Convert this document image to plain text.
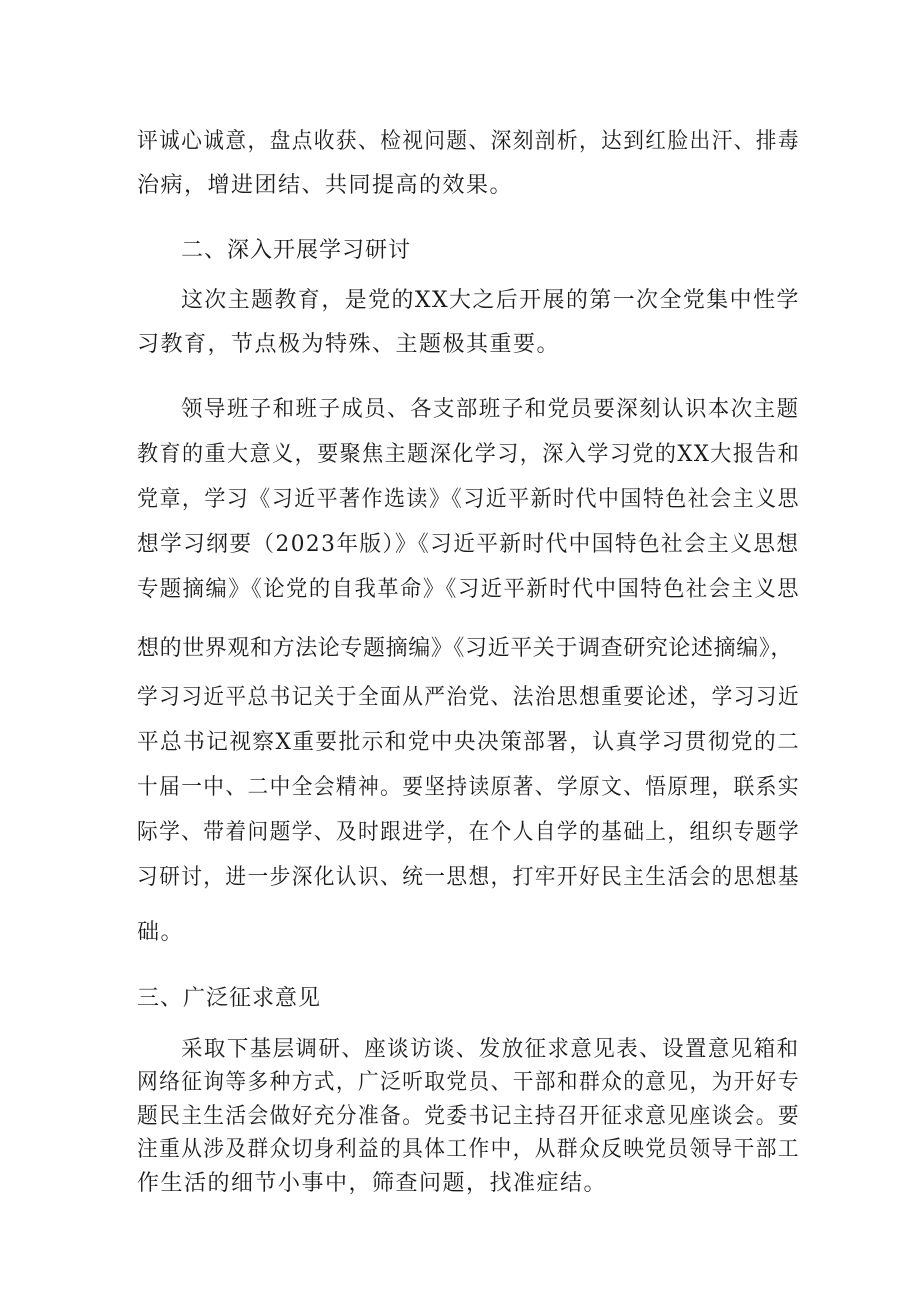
评诚心诚意，盘点收获、检视问题、深刻剖析，达到红脸出汗、排毒
治病，增进团结、共同提高的效果。
二、深入开展学习研讨
这次主题教育，是党的XX大之后开展的第一次全党集中性学
习教育，节点极为特殊、主题极其重要。
领导班子和班子成员、各支部班子和党员要深刻认识本次主题
教育的重大意义，要聚焦主题深化学习，深入学习党的XX大报告和
党章，学习《习近平著作选读》《习近平新时代中国特色社会主义思
想学习纲要（2023年版）》《习近平新时代中国特色社会主义思想
专题摘编》《论党的自我革命》《习近平新时代中国特色社会主义思
想的世界观和方法论专题摘编》《习近平关于调查研究论述摘编》，
学习习近平总书记关于全面从严治党、法治思想重要论述，学习习近
平总书记视察X重要批示和党中央决策部署，认真学习贯彻党的二
十届一中、二中全会精神。要坚持读原著、学原文、悟原理，联系实
际学、带着问题学、及时跟进学，在个人自学的基础上，组织专题学
习研讨，进一步深化认识、统一思想，打牢开好民主生活会的思想基
础。
三、广泛征求意见
采取下基层调研、座谈访谈、发放征求意见表、设置意见箱和
网络征询等多种方式，广泛听取党员、干部和群众的意见，为开好专
题民主生活会做好充分准备。党委书记主持召开征求意见座谈会。要
注重从涉及群众切身利益的具体工作中，从群众反映党员领导干部工
作生活的细节小事中，筛查问题，找准症结。
